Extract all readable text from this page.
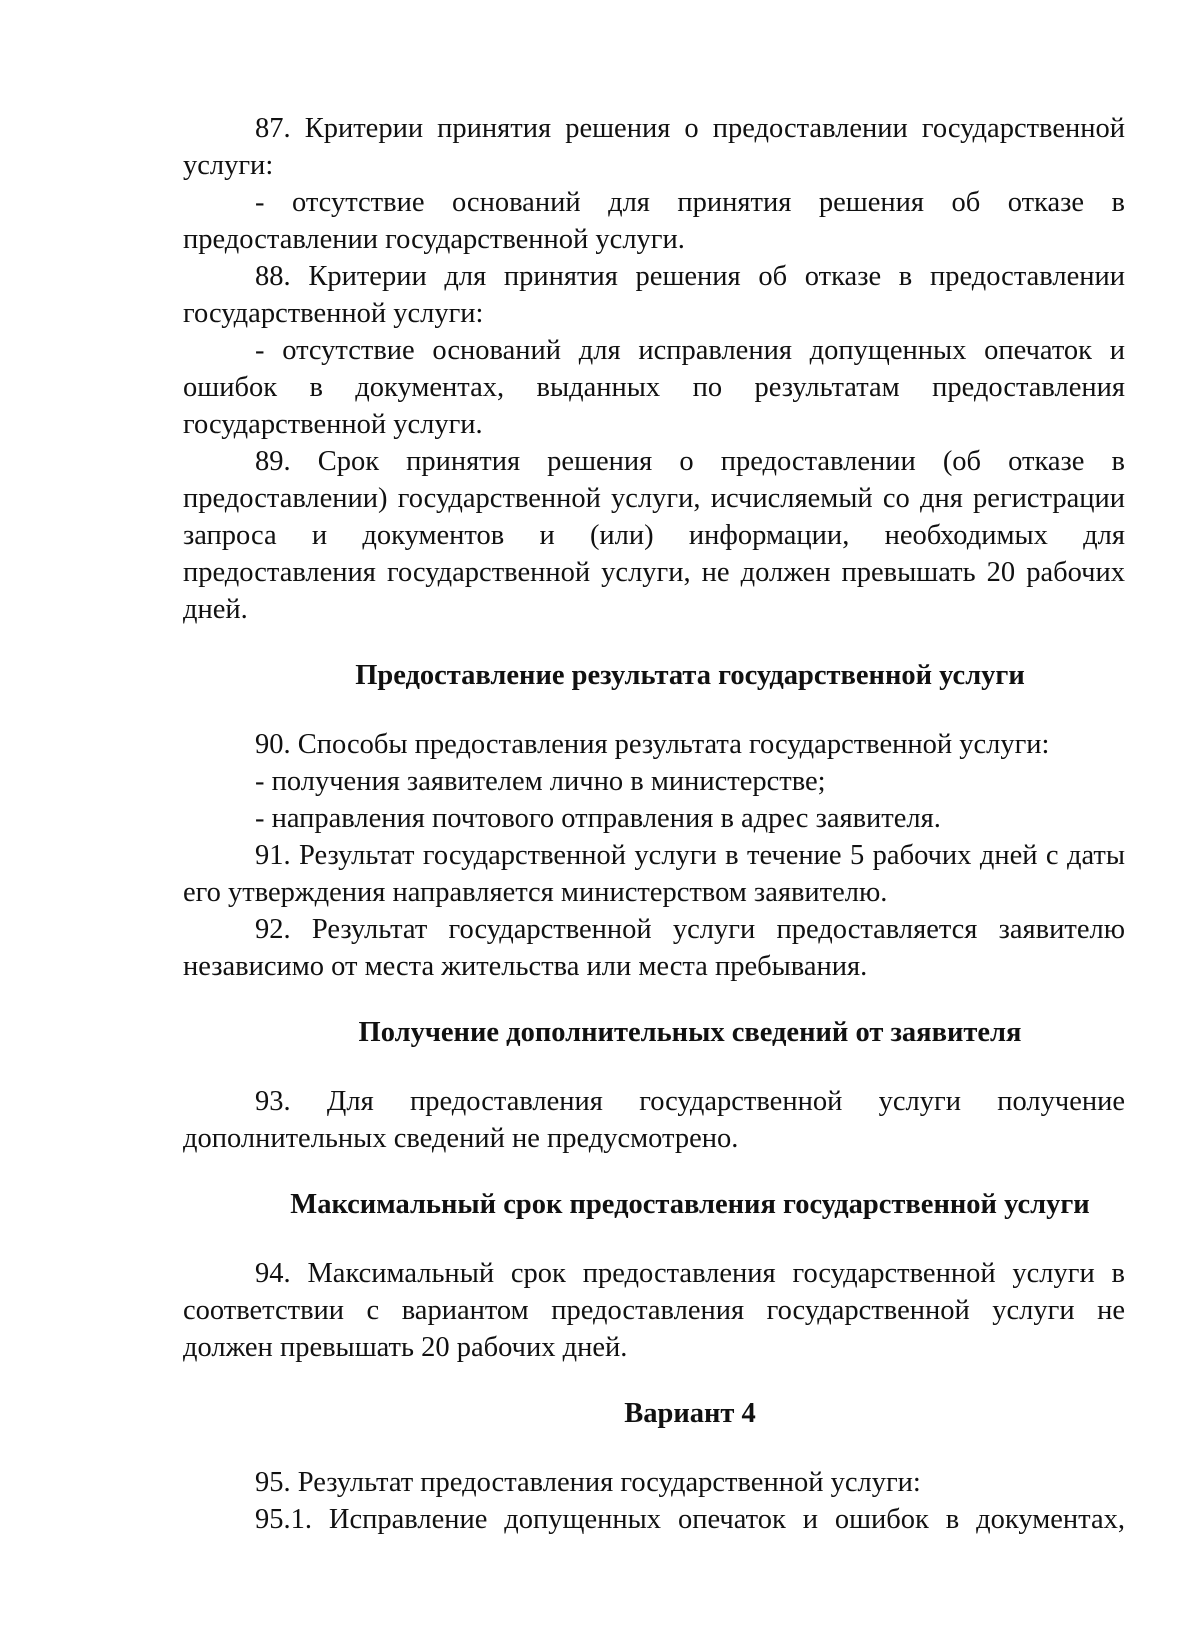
87. Критерии принятия решения о предоставлении государственной услуги:

- отсутствие оснований для принятия решения об отказе в предоставлении государственной услуги.

88. Критерии для принятия решения об отказе в предоставлении государственной услуги:

- отсутствие оснований для исправления допущенных опечаток и ошибок в документах, выданных по результатам предоставления государственной услуги.

89. Срок принятия решения о предоставлении (об отказе в предоставлении) государственной услуги, исчисляемый со дня регистрации запроса и документов и (или) информации, необходимых для предоставления государственной услуги, не должен превышать 20 рабочих дней.

Предоставление результата государственной услуги

90. Способы предоставления результата государственной услуги:

- получения заявителем лично в министерстве;

- направления почтового отправления в адрес заявителя.

91. Результат государственной услуги в течение 5 рабочих дней с даты его утверждения направляется министерством заявителю.

92. Результат государственной услуги предоставляется заявителю независимо от места жительства или места пребывания.

Получение дополнительных сведений от заявителя

93. Для предоставления государственной услуги получение дополнительных сведений не предусмотрено.

Максимальный срок предоставления государственной услуги

94. Максимальный срок предоставления государственной услуги в соответствии с вариантом предоставления государственной услуги не должен превышать 20 рабочих дней.

Вариант 4

95. Результат предоставления государственной услуги:

95.1. Исправление допущенных опечаток и ошибок в документах,
